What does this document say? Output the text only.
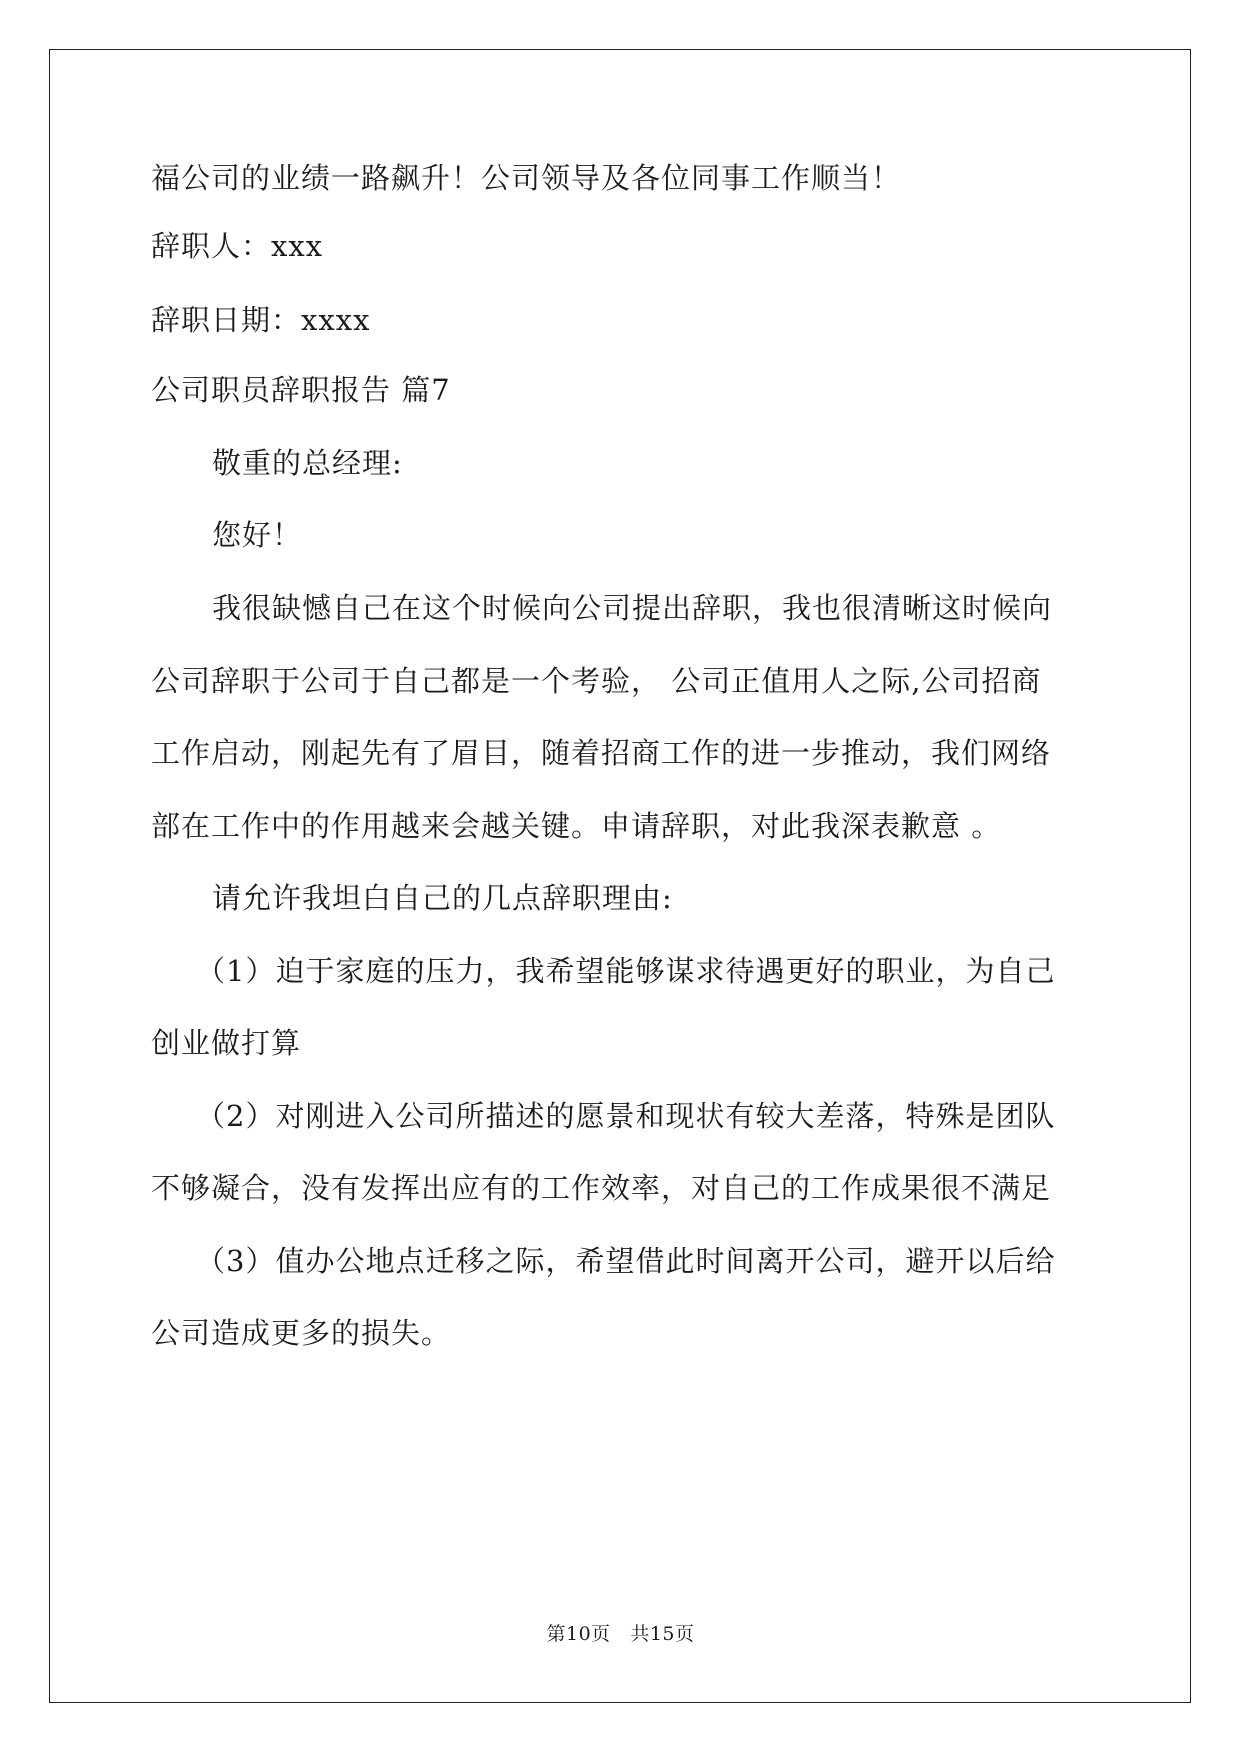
福公司的业绩一路飙升！公司领导及各位同事工作顺当！
辞职人：xxx
辞职日期：xxxx
公司职员辞职报告 篇7
敬重的总经理:
您好！
我很缺憾自己在这个时候向公司提出辞职，我也很清晰这时候向
公司辞职于公司于自己都是一个考验， 公司正值用人之际,公司招商
工作启动，刚起先有了眉目，随着招商工作的进一步推动，我们网络
部在工作中的作用越来会越关键。申请辞职，对此我深表歉意 。
请允许我坦白自己的几点辞职理由:
（1）迫于家庭的压力，我希望能够谋求待遇更好的职业，为自己
创业做打算
（2）对刚进入公司所描述的愿景和现状有较大差落，特殊是团队
不够凝合，没有发挥出应有的工作效率，对自己的工作成果很不满足
（3）值办公地点迁移之际，希望借此时间离开公司，避开以后给
公司造成更多的损失。
第10页 共15页
